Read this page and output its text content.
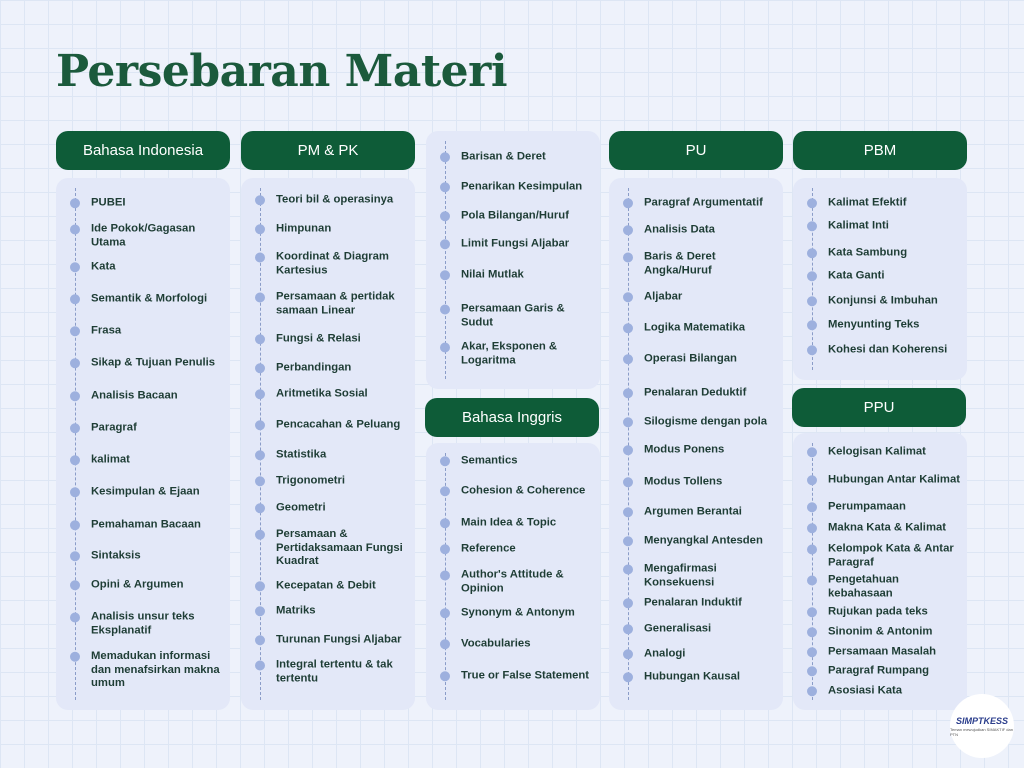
Persebaran Materi
Bahasa Indonesia
PUBEI
Ide Pokok/Gagasan Utama
Kata
Semantik & Morfologi
Frasa
Sikap & Tujuan Penulis
Analisis Bacaan
Paragraf
kalimat
Kesimpulan & Ejaan
Pemahaman Bacaan
Sintaksis
Opini & Argumen
Analisis unsur teks Eksplanatif
Memadukan informasi dan menafsirkan makna umum
PM & PK
Teori bil & operasinya
Himpunan
Koordinat & Diagram Kartesius
Persamaan & pertidak samaan Linear
Fungsi & Relasi
Perbandingan
Aritmetika Sosial
Pencacahan & Peluang
Statistika
Trigonometri
Geometri
Persamaan & Pertidaksamaan Fungsi Kuadrat
Kecepatan & Debit
Matriks
Turunan Fungsi Aljabar
Integral tertentu & tak tertentu
Barisan & Deret
Penarikan Kesimpulan
Pola Bilangan/Huruf
Limit Fungsi Aljabar
Nilai Mutlak
Persamaan Garis & Sudut
Akar, Eksponen & Logaritma
Bahasa Inggris
Semantics
Cohesion & Coherence
Main Idea & Topic
Reference
Author's Attitude & Opinion
Synonym & Antonym
Vocabularies
True or False Statement
PU
Paragraf Argumentatif
Analisis Data
Baris & Deret Angka/Huruf
Aljabar
Logika Matematika
Operasi Bilangan
Penalaran Deduktif
Silogisme dengan pola
Modus Ponens
Modus Tollens
Argumen Berantai
Menyangkal Antesden
Mengafirmasi Konsekuensi
Penalaran Induktif
Generalisasi
Analogi
Hubungan Kausal
PBM
Kalimat Efektif
Kalimat Inti
Kata Sambung
Kata Ganti
Konjunsi & Imbuhan
Menyunting Teks
Kohesi dan Koherensi
PPU
Kelogisan Kalimat
Hubungan Antar Kalimat
Perumpamaan
Makna Kata & Kalimat
Kelompok Kata & Antar Paragraf
Pengetahuan kebahasaan
Rujukan pada teks
Sinonim & Antonim
Persamaan Masalah
Paragraf Rumpang
Asosiasi Kata
SIMPTKESS
Teman mewujudkan SIMAKTIF dan PTN
